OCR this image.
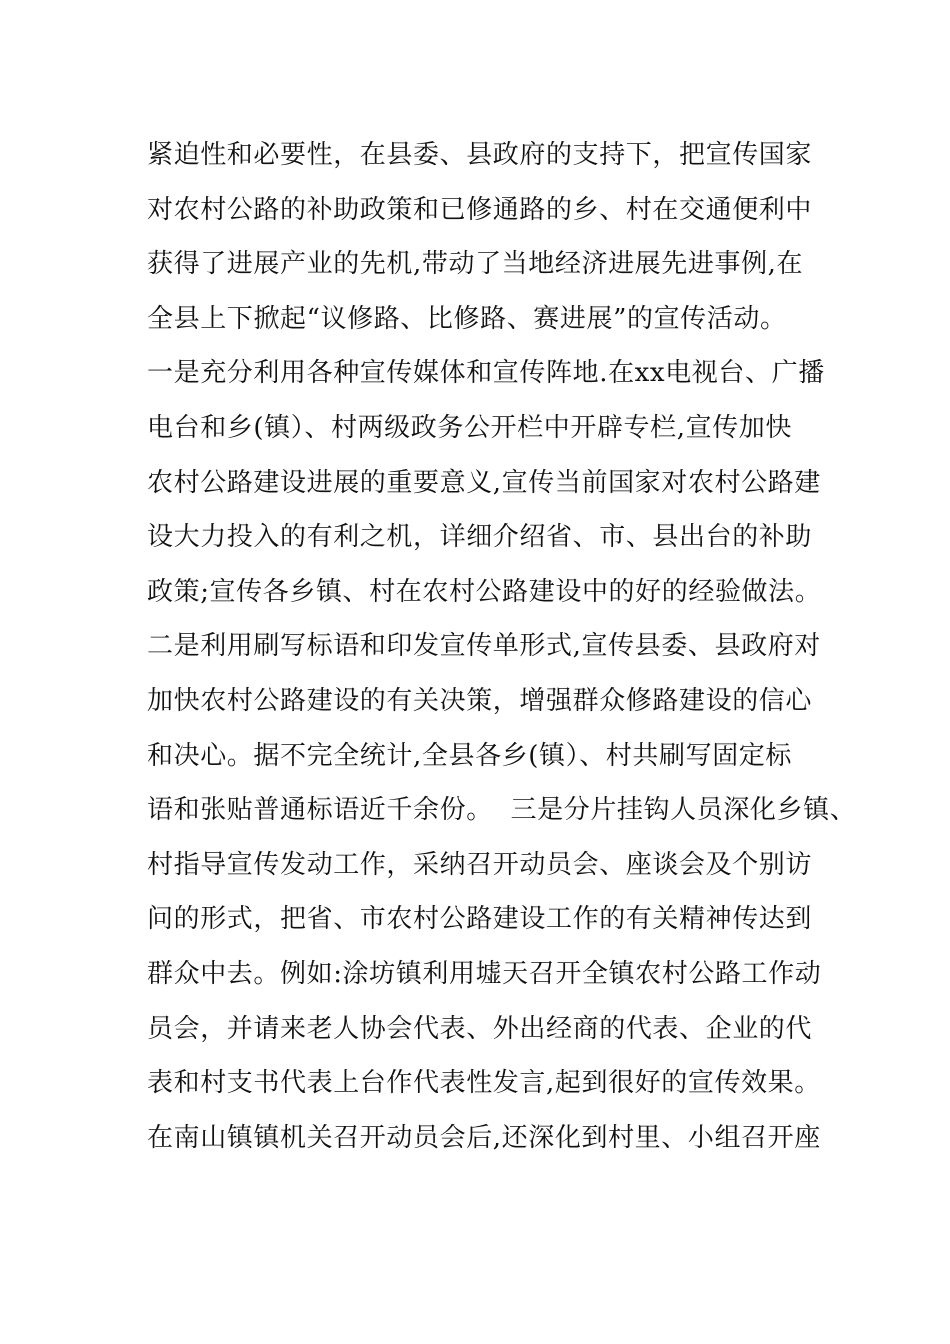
紧迫性和必要性，在县委、县政府的支持下，把宣传国家
对农村公路的补助政策和已修通路的乡、村在交通便利中
获得了进展产业的先机,带动了当地经济进展先进事例,在
全县上下掀起“议修路、比修路、赛进展”的宣传活动。
一是充分利用各种宣传媒体和宣传阵地.在xx电视台、广播
电台和乡(镇）、村两级政务公开栏中开辟专栏,宣传加快
农村公路建设进展的重要意义,宣传当前国家对农村公路建
设大力投入的有利之机，详细介绍省、市、县出台的补助
政策;宣传各乡镇、村在农村公路建设中的好的经验做法。
二是利用刷写标语和印发宣传单形式,宣传县委、县政府对
加快农村公路建设的有关决策，增强群众修路建设的信心
和决心。据不完全统计,全县各乡(镇）、村共刷写固定标
语和张贴普通标语近千余份。  三是分片挂钩人员深化乡镇、
村指导宣传发动工作，采纳召开动员会、座谈会及个别访
问的形式，把省、市农村公路建设工作的有关精神传达到
群众中去。例如:涂坊镇利用墟天召开全镇农村公路工作动
员会，并请来老人协会代表、外出经商的代表、企业的代
表和村支书代表上台作代表性发言,起到很好的宣传效果。
在南山镇镇机关召开动员会后,还深化到村里、小组召开座
